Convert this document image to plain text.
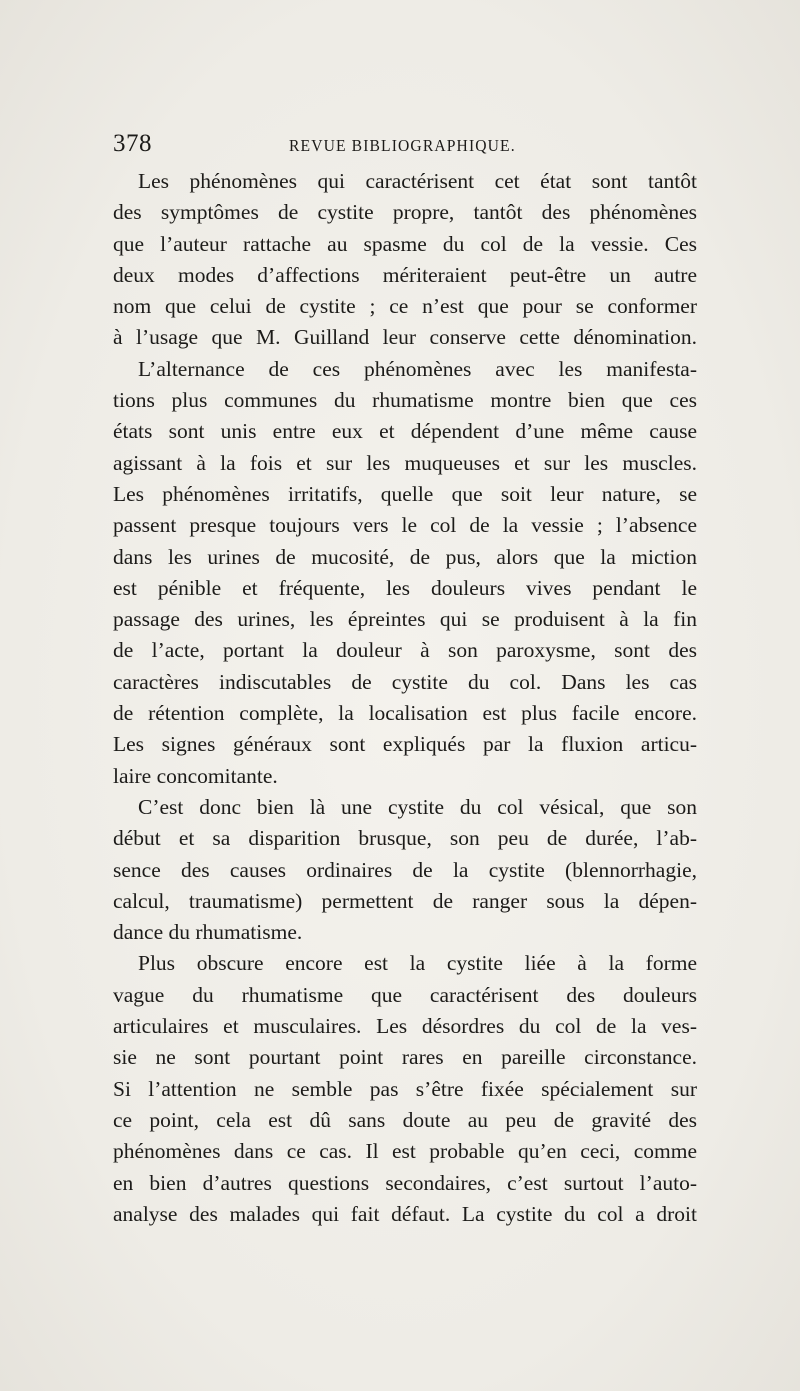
378	REVUE BIBLIOGRAPHIQUE.
Les phénomènes qui caractérisent cet état sont tantôt
des symptômes de cystite propre, tantôt des phénomènes
que l’auteur rattache au spasme du col de la vessie. Ces
deux modes d’affections mériteraient peut-être un autre
nom que celui de cystite ; ce n’est que pour se conformer
à l’usage que M. Guilland leur conserve cette dénomination.
L’alternance de ces phénomènes avec les manifesta-
tions plus communes du rhumatisme montre bien que ces
états sont unis entre eux et dépendent d’une même cause
agissant à la fois et sur les muqueuses et sur les muscles.
Les phénomènes irritatifs, quelle que soit leur nature, se
passent presque toujours vers le col de la vessie ; l’absence
dans les urines de mucosité, de pus, alors que la miction
est pénible et fréquente, les douleurs vives pendant le
passage des urines, les épreintes qui se produisent à la fin
de l’acte, portant la douleur à son paroxysme, sont des
caractères indiscutables de cystite du col. Dans les cas
de rétention complète, la localisation est plus facile encore.
Les signes généraux sont expliqués par la fluxion articu-
laire concomitante.
C’est donc bien là une cystite du col vésical, que son
début et sa disparition brusque, son peu de durée, l’ab-
sence des causes ordinaires de la cystite (blennorrhagie,
calcul, traumatisme) permettent de ranger sous la dépen-
dance du rhumatisme.
Plus obscure encore est la cystite liée à la forme
vague du rhumatisme que caractérisent des douleurs
articulaires et musculaires. Les désordres du col de la ves-
sie ne sont pourtant point rares en pareille circonstance.
Si l’attention ne semble pas s’être fixée spécialement sur
ce point, cela est dû sans doute au peu de gravité des
phénomènes dans ce cas. Il est probable qu’en ceci, comme
en bien d’autres questions secondaires, c’est surtout l’auto-
analyse des malades qui fait défaut. La cystite du col a droit
